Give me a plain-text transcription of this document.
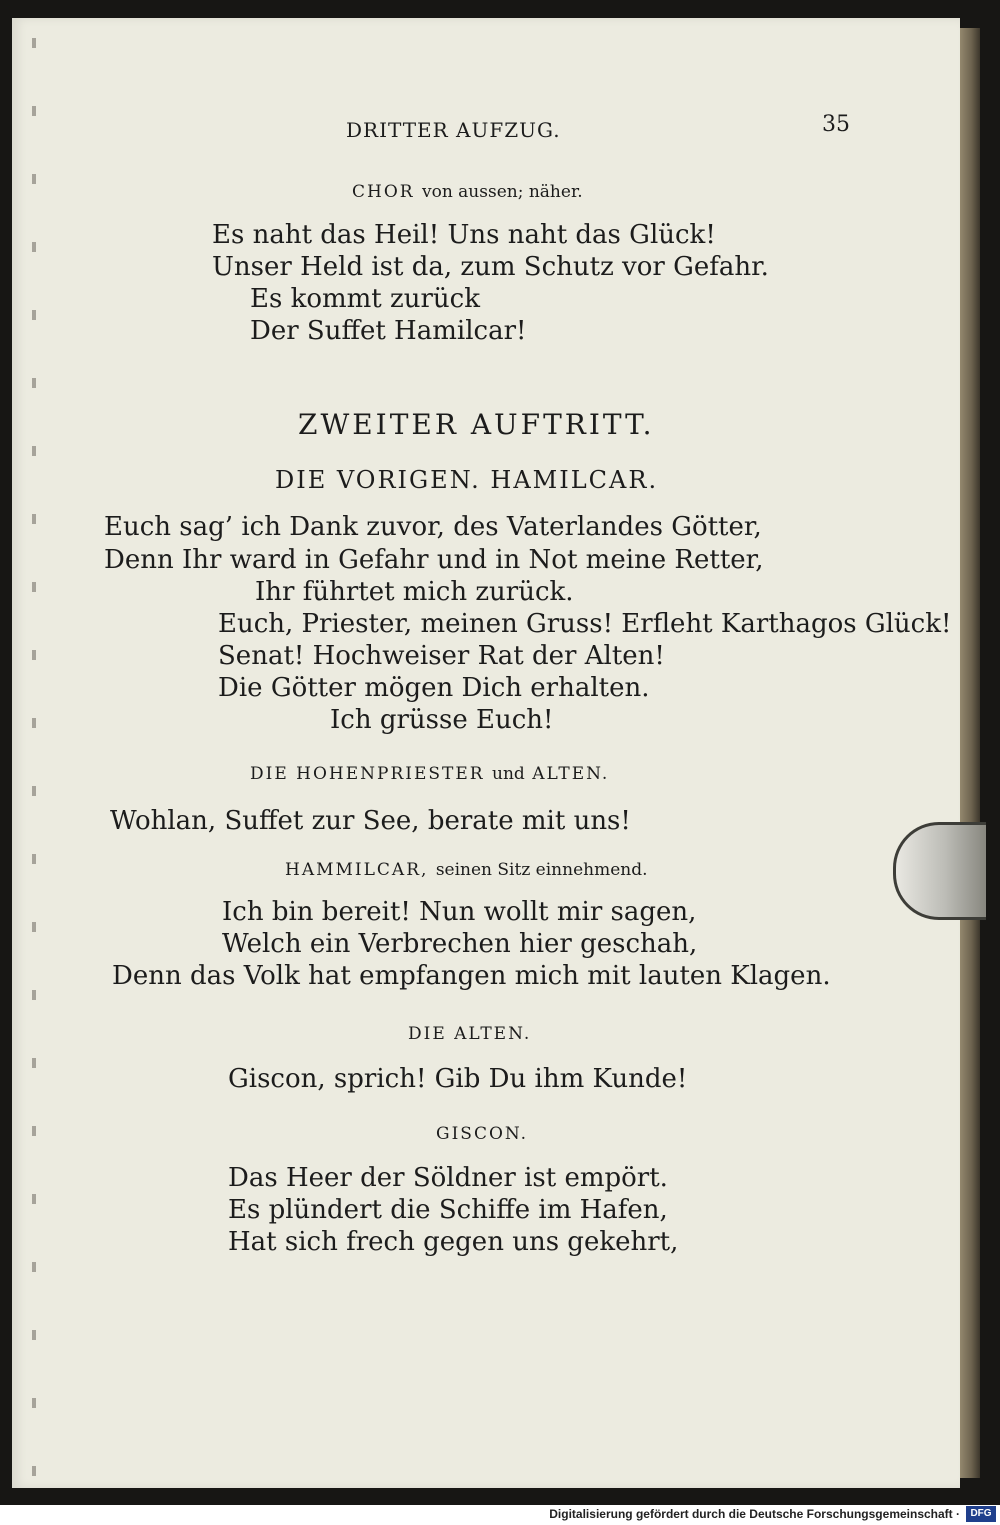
DRITTER AUFZUG.	35
CHOR von aussen; näher.
Es naht das Heil! Uns naht das Glück!
Unser Held ist da, zum Schutz vor Gefahr.
Es kommt zurück
Der Suffet Hamilcar!
ZWEITER AUFTRITT.
DIE VORIGEN. HAMILCAR.
Euch sag’ ich Dank zuvor, des Vaterlandes Götter,
Denn Ihr ward in Gefahr und in Not meine Retter,
Ihr führtet mich zurück.
Euch, Priester, meinen Gruss! Erfleht Karthagos Glück!
Senat! Hochweiser Rat der Alten!
Die Götter mögen Dich erhalten.
Ich grüsse Euch!
DIE HOHENPRIESTER und ALTEN.
Wohlan, Suffet zur See, berate mit uns!
HAMMILCAR, seinen Sitz einnehmend.
Ich bin bereit! Nun wollt mir sagen,
Welch ein Verbrechen hier geschah,
Denn das Volk hat empfangen mich mit lauten Klagen.
DIE ALTEN.
Giscon, sprich! Gib Du ihm Kunde!
GISCON.
Das Heer der Söldner ist empört.
Es plündert die Schiffe im Hafen,
Hat sich frech gegen uns gekehrt,
Digitalisierung gefördert durch die Deutsche Forschungsgemeinschaft ·	DFG
